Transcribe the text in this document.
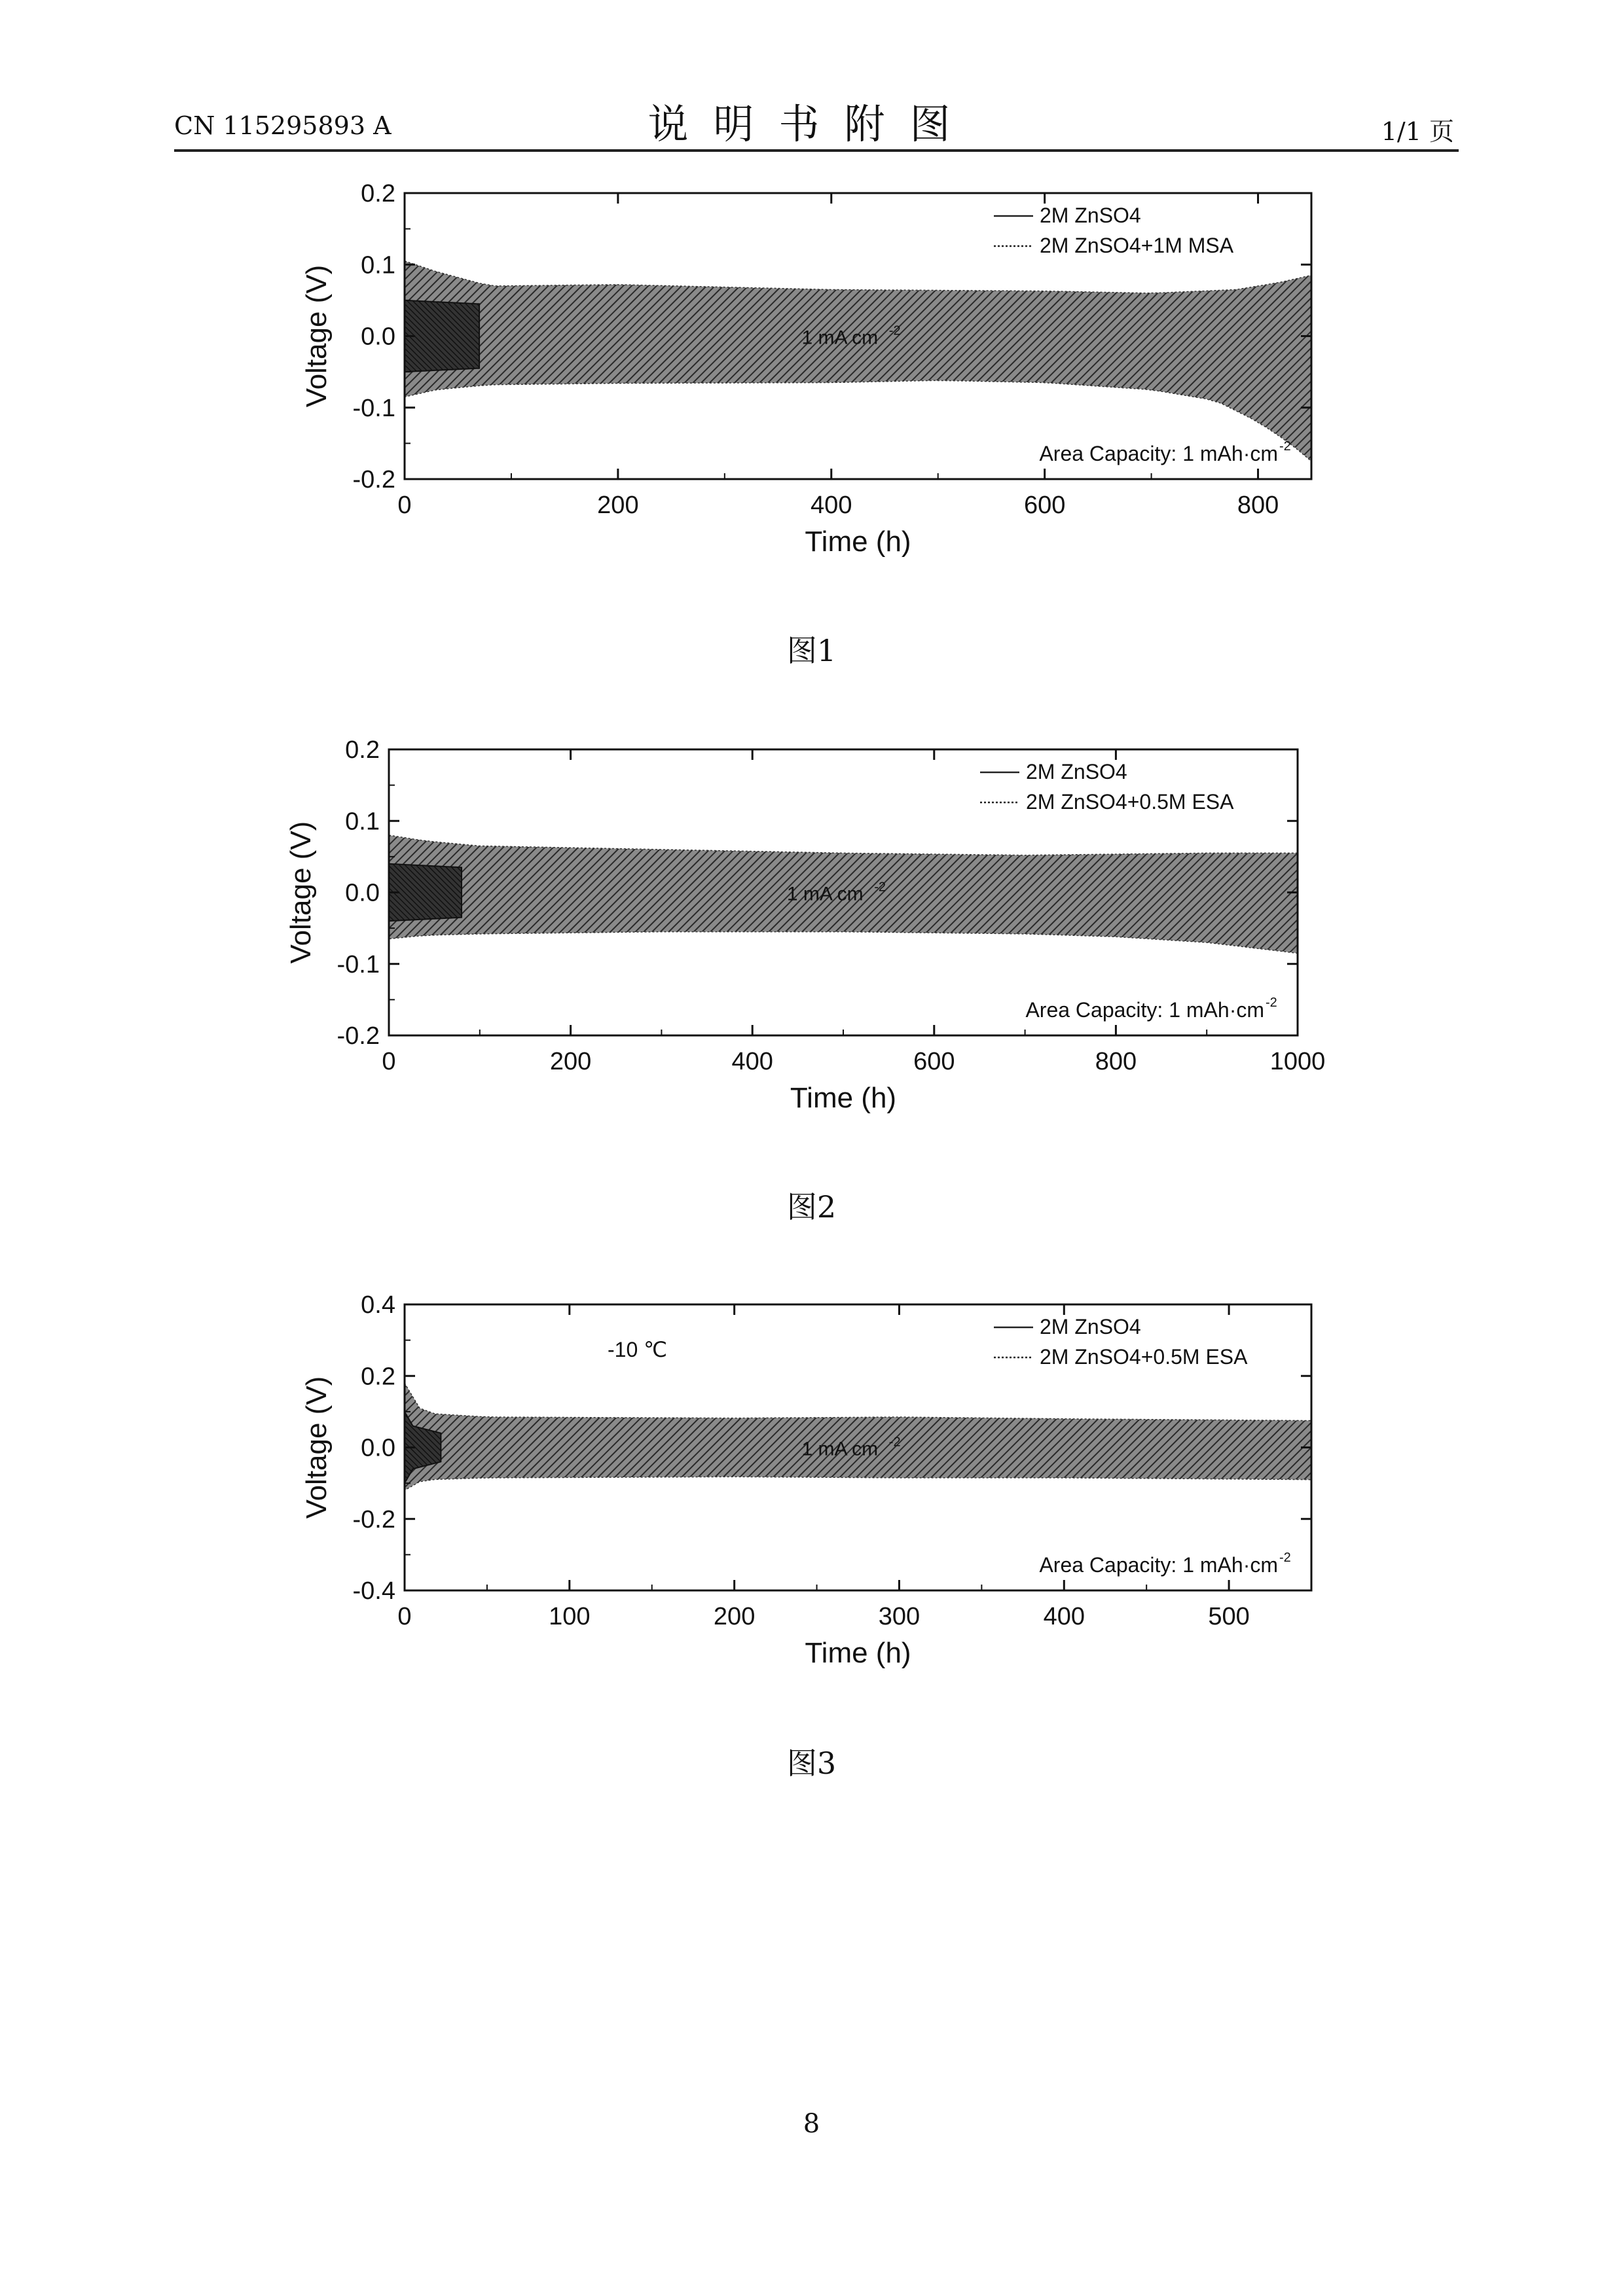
CN 115295893 A	说明书附图	1/1 页
0	200	400	600	800
-0.2
-0.1
0.0
0.1
0.2
Time (h)
Voltage (V)
2M ZnSO4
2M ZnSO4+1M MSA
1 mA cm -2
Area Capacity: 1 mAh·cm -2
0	200	400	600	800	1000
-0.2
-0.1
0.0
0.1
0.2
Time (h)
Voltage (V)
2M ZnSO4
2M ZnSO4+0.5M ESA
1 mA cm -2
Area Capacity: 1 mAh·cm -2
0	100	200	300	400	500
-0.4
-0.2
0.0
0.2
0.4
Time (h)
Voltage (V)
2M ZnSO4
2M ZnSO4+0.5M ESA
1 mA cm -2
Area Capacity: 1 mAh·cm -2
-10 ℃
图1
图2
图3
8
